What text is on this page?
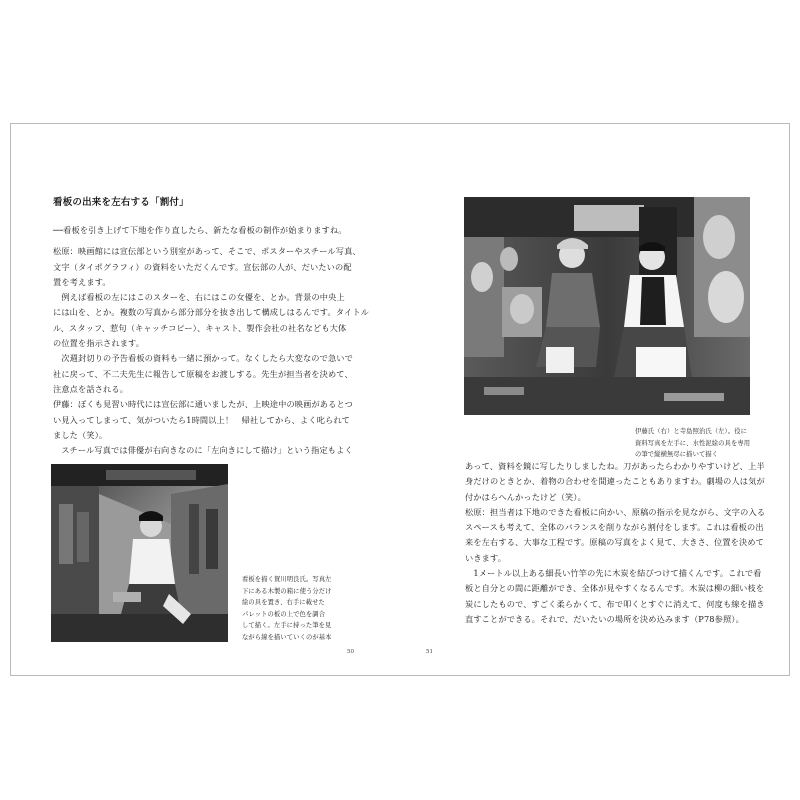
看板の出来を左右する「割付」

──看板を引き上げて下地を作り直したら、新たな看板の制作が始まりますね。

松原：映画館には宣伝部という別室があって、そこで、ポスターやスチール写真、

文字（タイポグラフィ）の資料をいただくんです。宣伝部の人が、だいたいの配

置を考えます。

　例えば看板の左にはこのスターを、右にはこの女優を、とか。背景の中央上

には山を、とか。複数の写真から部分部分を抜き出して構成しはるんです。タイトル

ル、スタッフ、惹句（キャッチコピー）、キャスト、製作会社の社名なども大体

の位置を指示されます。

　次週封切りの予告看板の資料も一緒に預かって。なくしたら大変なので急いで

社に戻って、不二夫先生に報告して原稿をお渡しする。先生が担当者を決めて、

注意点を話される。

伊藤：ぼくも見習い時代には宣伝部に通いましたが、上映途中の映画があるとつ

い見入ってしまって、気がついたら1時間以上！　帰社してから、よく叱られて

ました（笑）。

　スチール写真では俳優が右向きなのに「左向きにして描け」という指定もよく

看板を描く賀川明良氏。写真左

下にある木製の箱に使う分だけ

絵の具を置き、右手に載せた

パレットの板の上で色を調合

して描く。左手に持った筆を見

ながら線を描いていくのが基本

50

伊藤氏（右）と寺島照治氏（左）。役に

資料写真を左手に、水性泥絵の具を専用

の筆で縦横無尽に描いて描く

あって、資料を鏡に写したりしましたね。刀があったらわかりやすいけど、上半

身だけのときとか、着物の合わせを間違ったこともありますわ。劇場の人は気が

付かはらへんかったけど（笑）。

松原：担当者は下地のできた看板に向かい、原稿の指示を見ながら、文字の入る

スペースも考えて、全体のバランスを削りながら割付をします。これは看板の出

来を左右する、大事な工程です。原稿の写真をよく見て、大きさ、位置を決めて

いきます。

　1メートル以上ある細長い竹竿の先に木炭を結びつけて描くんです。これで看

板と自分との間に距離ができ、全体が見やすくなるんです。木炭は柳の細い枝を

炭にしたもので、すごく柔らかくて、布で叩くとすぐに消えて、何度も線を描き

直すことができる。それで、だいたいの場所を決め込みます（P78参照）。

51
